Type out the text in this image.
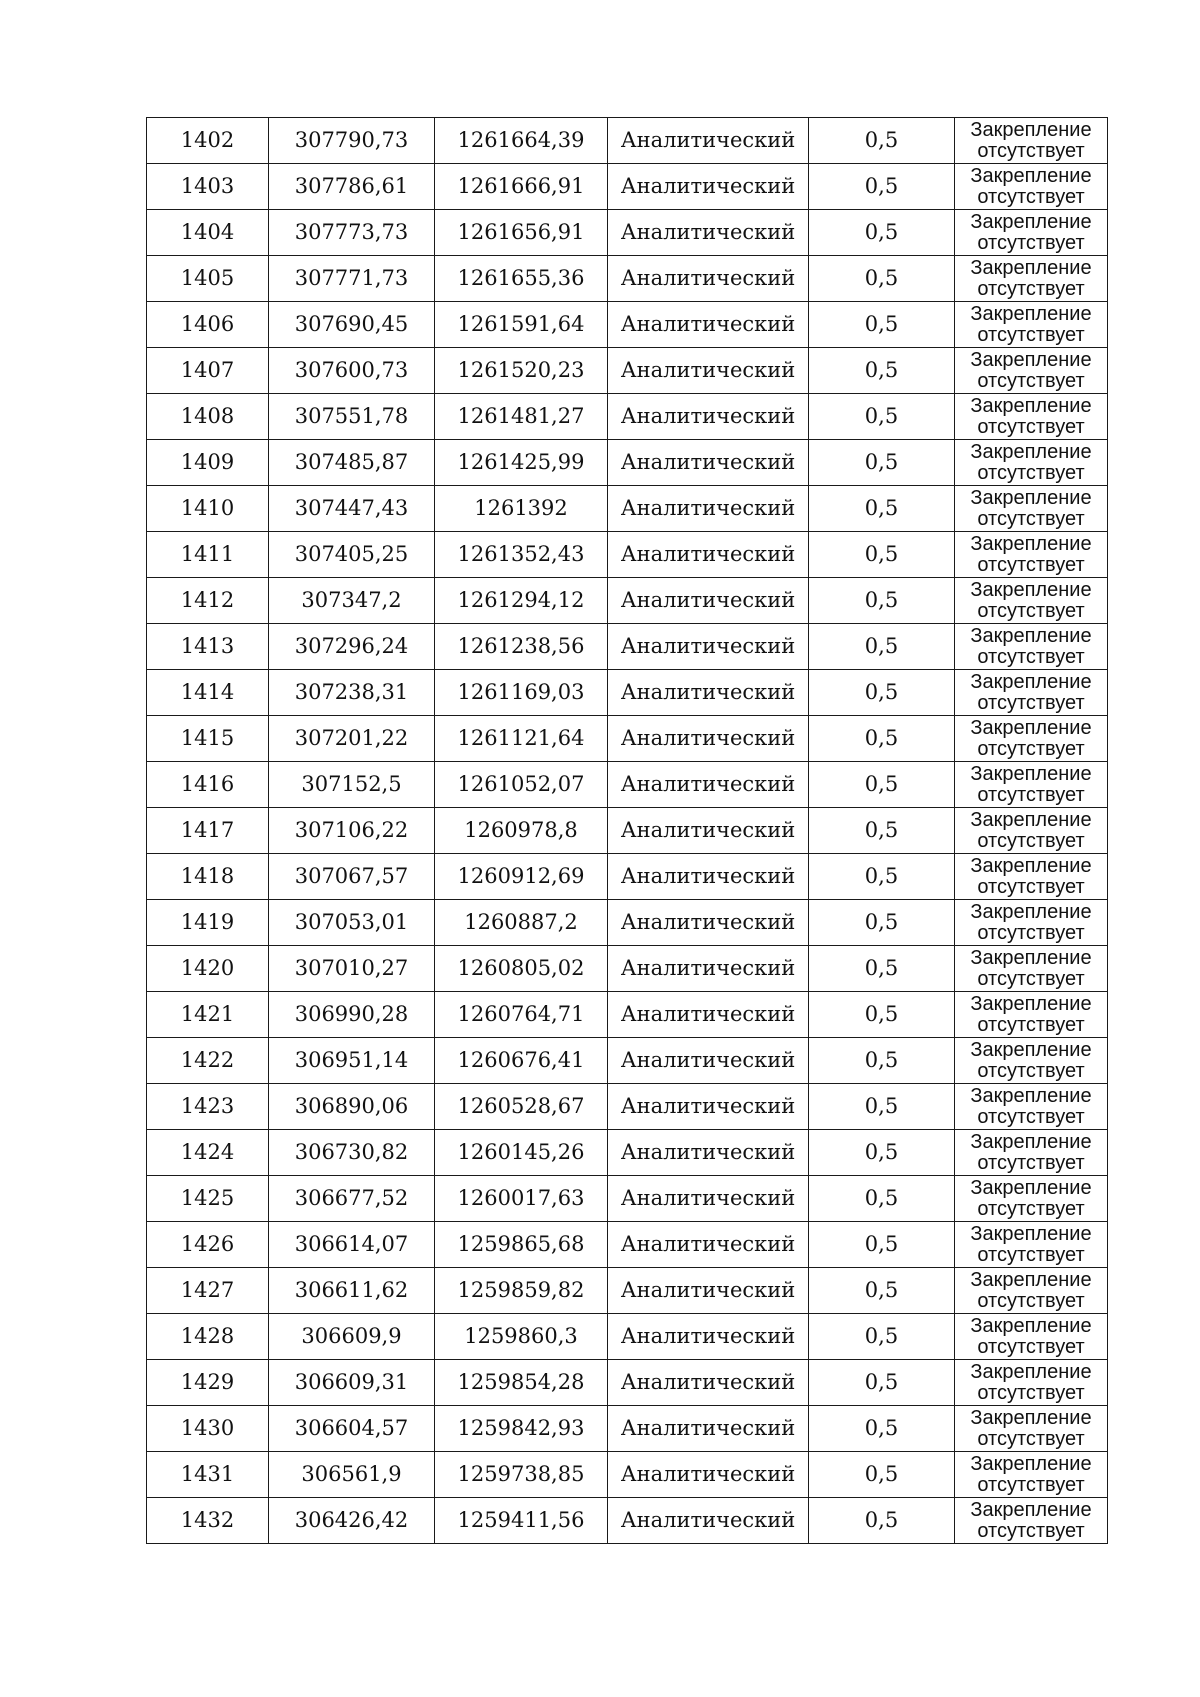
1402	307790,73	1261664,39	Аналитический	0,5	Закрепление
отсутствует

1403	307786,61	1261666,91	Аналитический	0,5	Закрепление
отсутствует

1404	307773,73	1261656,91	Аналитический	0,5	Закрепление
отсутствует

1405	307771,73	1261655,36	Аналитический	0,5	Закрепление
отсутствует

1406	307690,45	1261591,64	Аналитический	0,5	Закрепление
отсутствует

1407	307600,73	1261520,23	Аналитический	0,5	Закрепление
отсутствует

1408	307551,78	1261481,27	Аналитический	0,5	Закрепление
отсутствует

1409	307485,87	1261425,99	Аналитический	0,5	Закрепление
отсутствует

1410	307447,43	1261392	Аналитический	0,5	Закрепление
отсутствует

1411	307405,25	1261352,43	Аналитический	0,5	Закрепление
отсутствует

1412	307347,2	1261294,12	Аналитический	0,5	Закрепление
отсутствует

1413	307296,24	1261238,56	Аналитический	0,5	Закрепление
отсутствует

1414	307238,31	1261169,03	Аналитический	0,5	Закрепление
отсутствует

1415	307201,22	1261121,64	Аналитический	0,5	Закрепление
отсутствует

1416	307152,5	1261052,07	Аналитический	0,5	Закрепление
отсутствует

1417	307106,22	1260978,8	Аналитический	0,5	Закрепление
отсутствует

1418	307067,57	1260912,69	Аналитический	0,5	Закрепление
отсутствует

1419	307053,01	1260887,2	Аналитический	0,5	Закрепление
отсутствует

1420	307010,27	1260805,02	Аналитический	0,5	Закрепление
отсутствует

1421	306990,28	1260764,71	Аналитический	0,5	Закрепление
отсутствует

1422	306951,14	1260676,41	Аналитический	0,5	Закрепление
отсутствует

1423	306890,06	1260528,67	Аналитический	0,5	Закрепление
отсутствует

1424	306730,82	1260145,26	Аналитический	0,5	Закрепление
отсутствует

1425	306677,52	1260017,63	Аналитический	0,5	Закрепление
отсутствует

1426	306614,07	1259865,68	Аналитический	0,5	Закрепление
отсутствует

1427	306611,62	1259859,82	Аналитический	0,5	Закрепление
отсутствует

1428	306609,9	1259860,3	Аналитический	0,5	Закрепление
отсутствует

1429	306609,31	1259854,28	Аналитический	0,5	Закрепление
отсутствует

1430	306604,57	1259842,93	Аналитический	0,5	Закрепление
отсутствует

1431	306561,9	1259738,85	Аналитический	0,5	Закрепление
отсутствует

1432	306426,42	1259411,56	Аналитический	0,5	Закрепление
отсутствует
